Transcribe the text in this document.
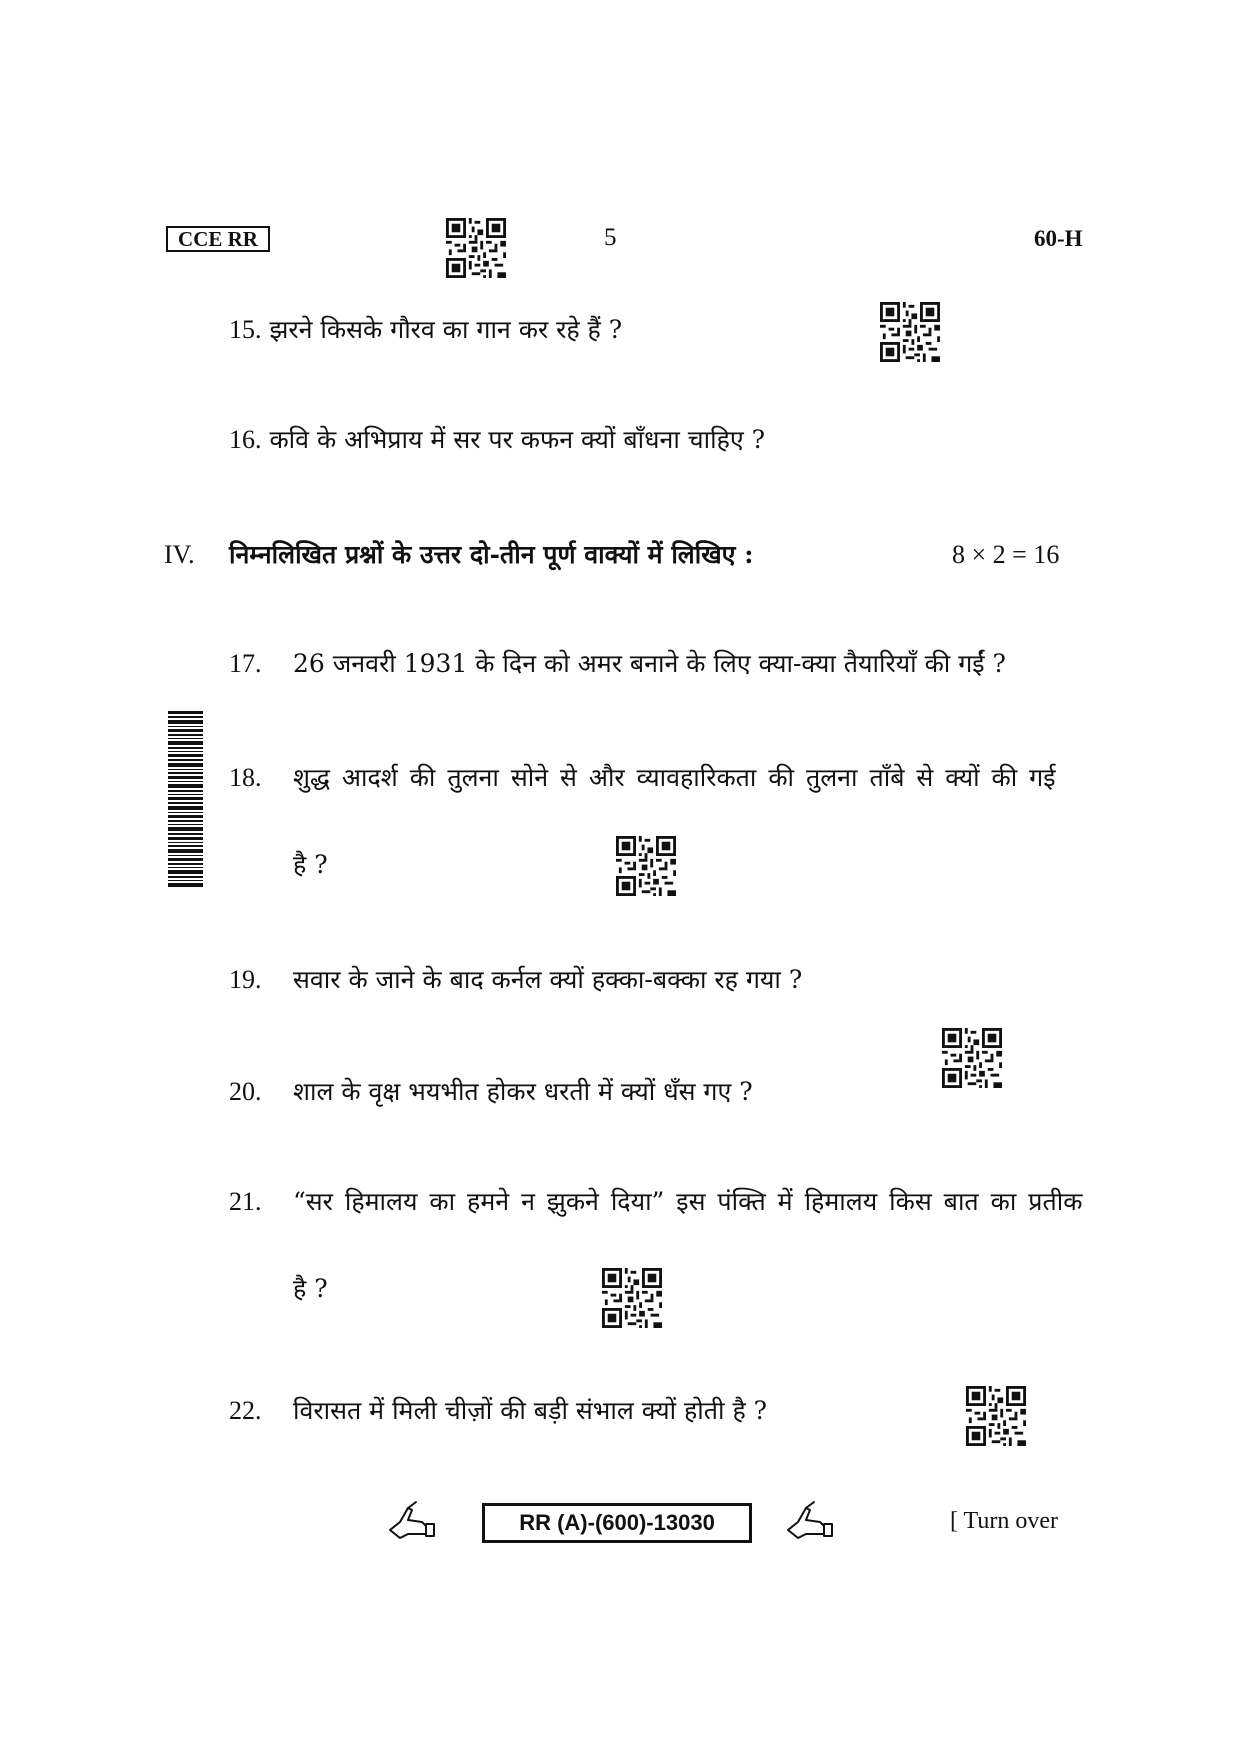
CCE RR	5	60-H
15. झरने किसके गौरव का गान कर रहे हैं ?
16. कवि के अभिप्राय में सर पर कफन क्यों बाँधना चाहिए ?
IV. निम्नलिखित प्रश्नों के उत्तर दो-तीन पूर्ण वाक्यों में लिखिए :	8 × 2 = 16
17. 26 जनवरी 1931 के दिन को अमर बनाने के लिए क्या-क्या तैयारियाँ की गईं ?
18. शुद्ध आदर्श की तुलना सोने से और व्यावहारिकता की तुलना ताँबे से क्यों की गई
है ?
19. सवार के जाने के बाद कर्नल क्यों हक्का-बक्का रह गया ?
20. शाल के वृक्ष भयभीत होकर धरती में क्यों धँस गए ?
21. “सर हिमालय का हमने न झुकने दिया” इस पंक्ति में हिमालय किस बात का प्रतीक
है ?
22. विरासत में मिली चीज़ों की बड़ी संभाल क्यों होती है ?
RR (A)-(600)-13030	[ Turn over
